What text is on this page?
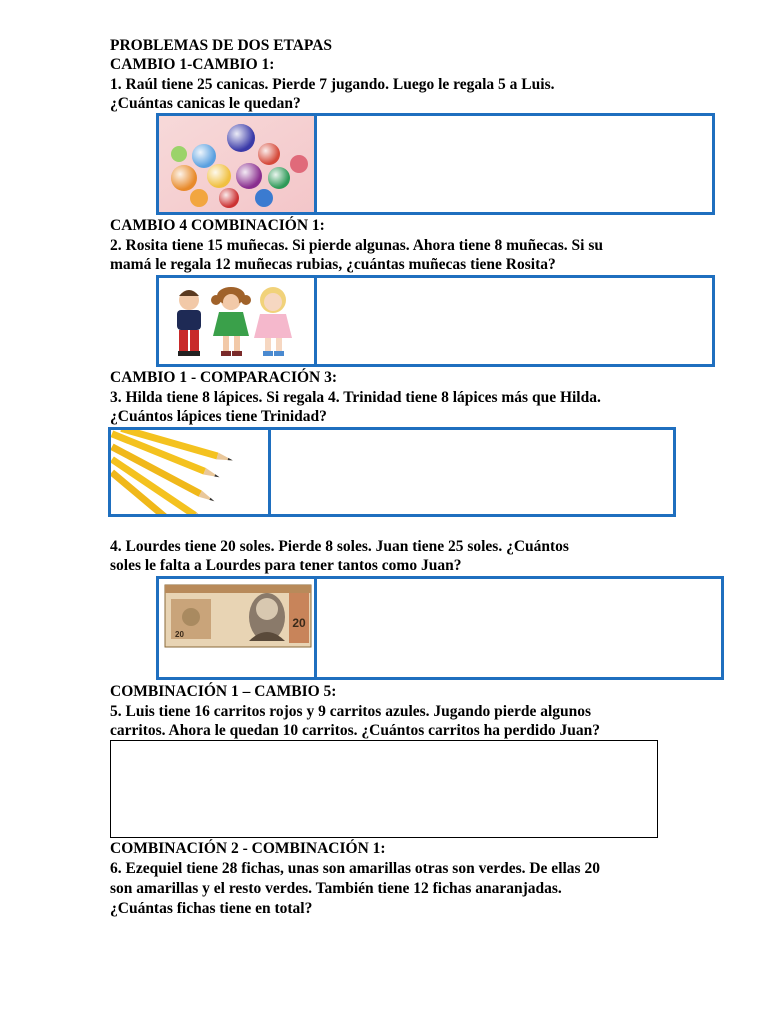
PROBLEMAS DE DOS ETAPAS
CAMBIO 1-CAMBIO 1:
1. Raúl tiene 25 canicas. Pierde 7 jugando. Luego le regala 5 a Luis.
¿Cuántas canicas le quedan?
CAMBIO 4 COMBINACIÓN 1:
2. Rosita tiene 15 muñecas. Si pierde algunas. Ahora tiene 8 muñecas. Si su
mamá le regala 12 muñecas rubias, ¿cuántas muñecas tiene Rosita?
CAMBIO 1 - COMPARACIÓN 3:
3. Hilda tiene 8 lápices. Si regala 4. Trinidad tiene 8 lápices más que Hilda.
¿Cuántos lápices tiene Trinidad?
4. Lourdes tiene 20 soles. Pierde 8 soles. Juan tiene 25 soles. ¿Cuántos
soles le falta a Lourdes para tener tantos como Juan?
20
20
COMBINACIÓN 1 – CAMBIO 5:
5. Luis tiene 16 carritos rojos y 9 carritos azules. Jugando pierde algunos
carritos. Ahora le quedan 10 carritos. ¿Cuántos carritos ha perdido Juan?
COMBINACIÓN 2 - COMBINACIÓN 1:
6. Ezequiel tiene 28 fichas, unas son amarillas otras son verdes. De ellas 20
son amarillas y el resto verdes. También tiene 12 fichas anaranjadas.
¿Cuántas fichas tiene en total?
